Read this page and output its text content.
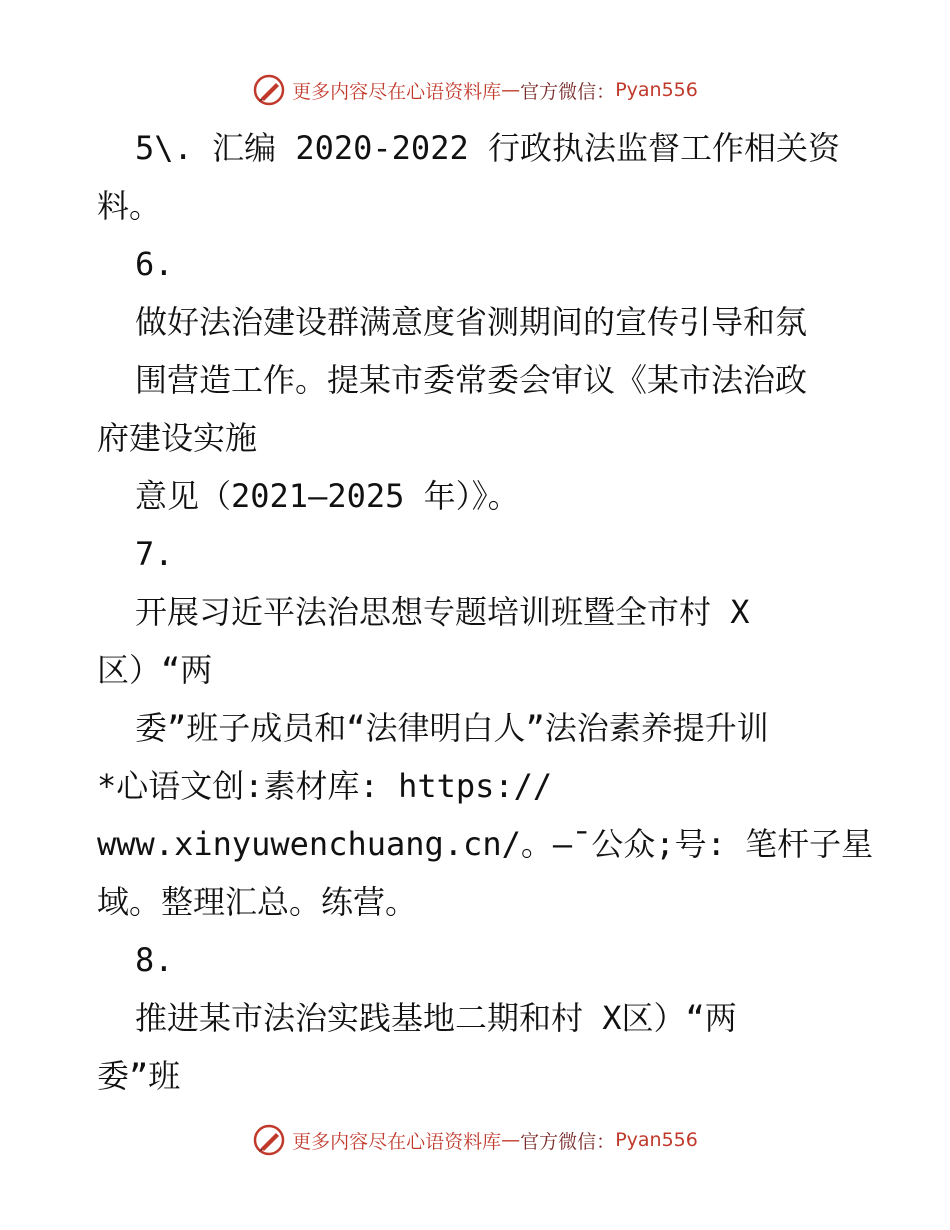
更多内容尽在心语资料库 — 官方微信： Pyan556
5\. 汇编 2020-2022 行政执法监督工作相关资
料。
6.
做好法治建设群满意度省测期间的宣传引导和氛
围营造工作。提某市委常委会审议《某市法治政
府建设实施
意见（2021—2025 年）》。
7.
开展习近平法治思想专题培训班暨全市村 X
区）“两
委”班子成员和“法律明白人”法治素养提升训
*心语文创:素材库: https://
www.xinyuwenchuang.cn/。—¯公众;号: 笔杆子星
域。整理汇总。练营。
8.
推进某市法治实践基地二期和村 X区）“两
委”班
更多内容尽在心语资料库 — 官方微信： Pyan556
